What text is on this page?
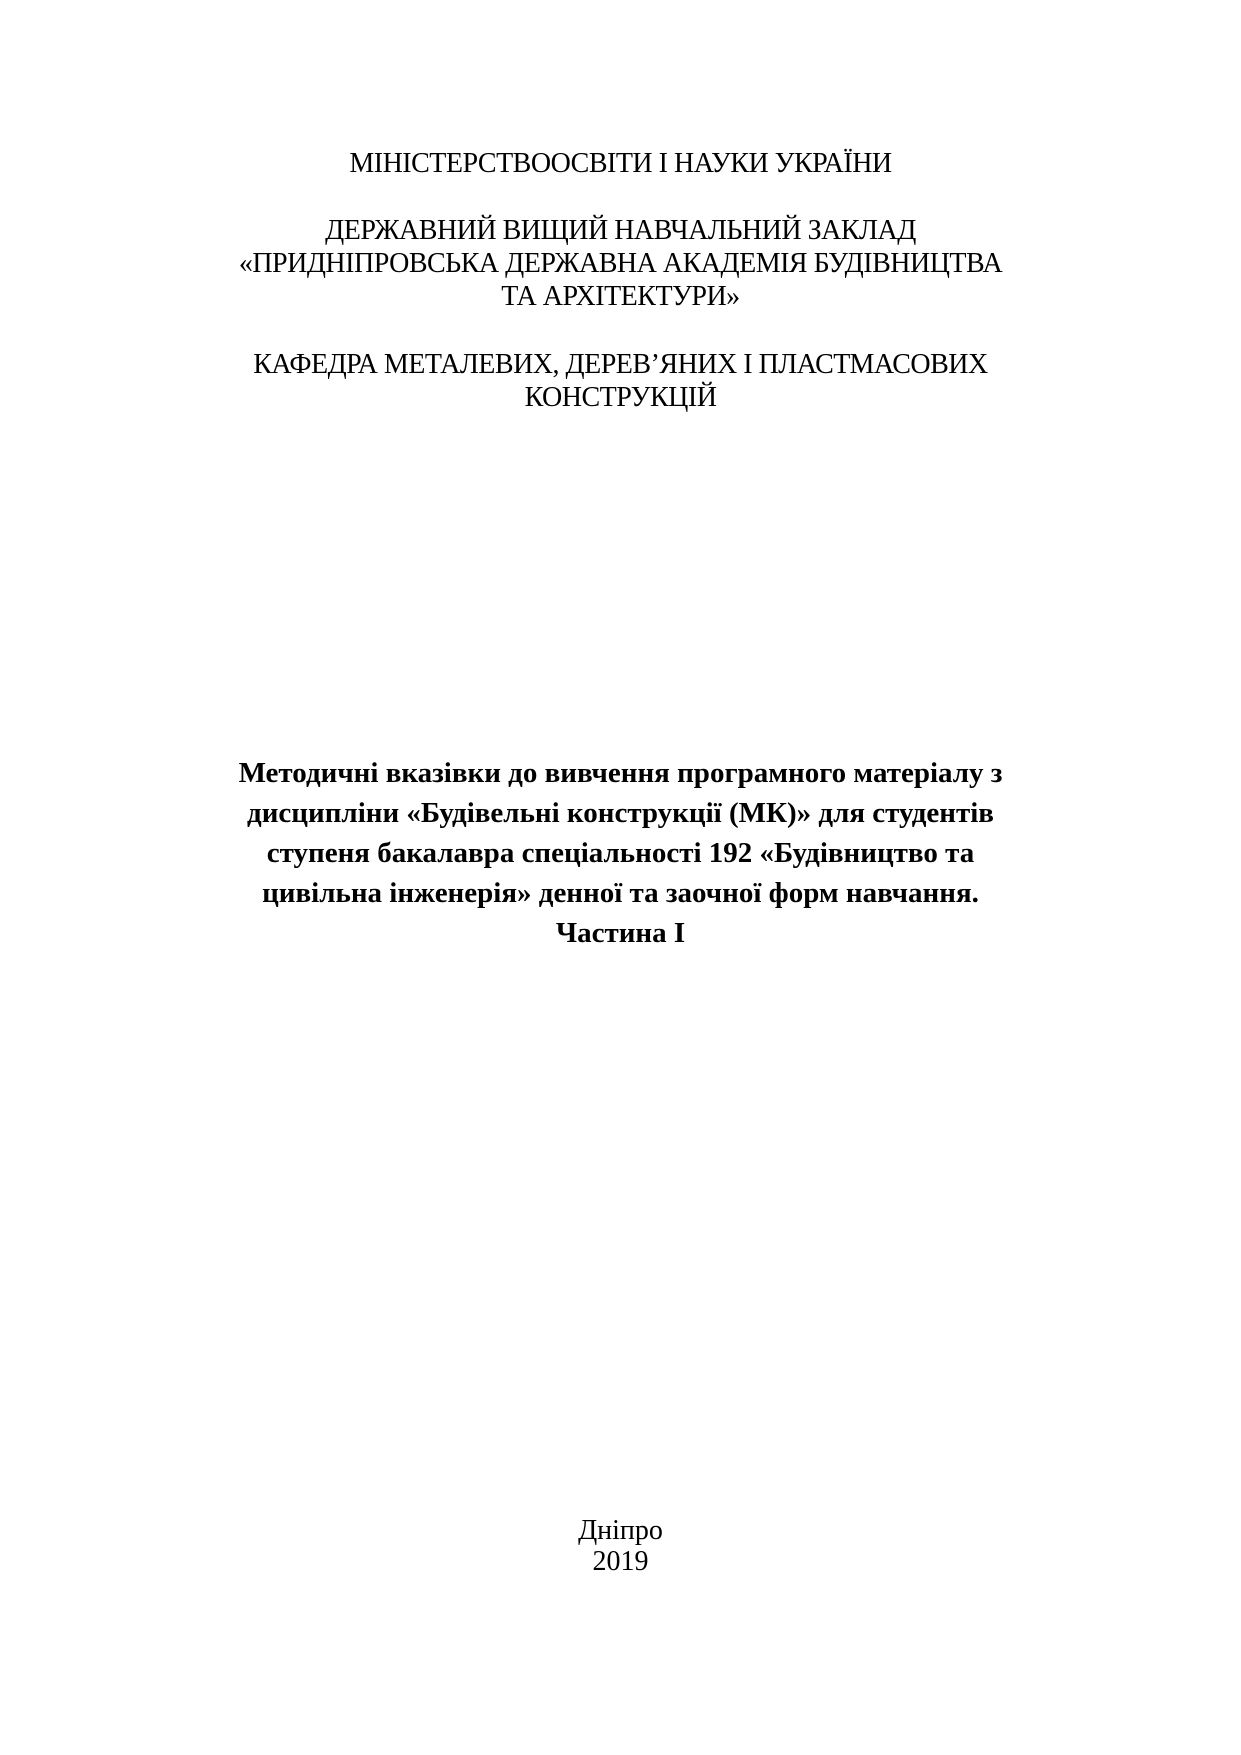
МІНІСТЕРСТВООСВІТИ І НАУКИ УКРАЇНИ
ДЕРЖАВНИЙ ВИЩИЙ НАВЧАЛЬНИЙ ЗАКЛАД
«ПРИДНІПРОВСЬКА ДЕРЖАВНА АКАДЕМІЯ БУДІВНИЦТВА
ТА АРХІТЕКТУРИ»
КАФЕДРА МЕТАЛЕВИХ, ДЕРЕВ’ЯНИХ І ПЛАСТМАСОВИХ
КОНСТРУКЦІЙ
Методичні вказівки до вивчення програмного матеріалу з
дисципліни «Будівельні конструкції (МК)» для студентів
ступеня бакалавра спеціальності 192 «Будівництво та
цивільна інженерія» денної та заочної форм навчання.
Частина I
Дніпро
2019
